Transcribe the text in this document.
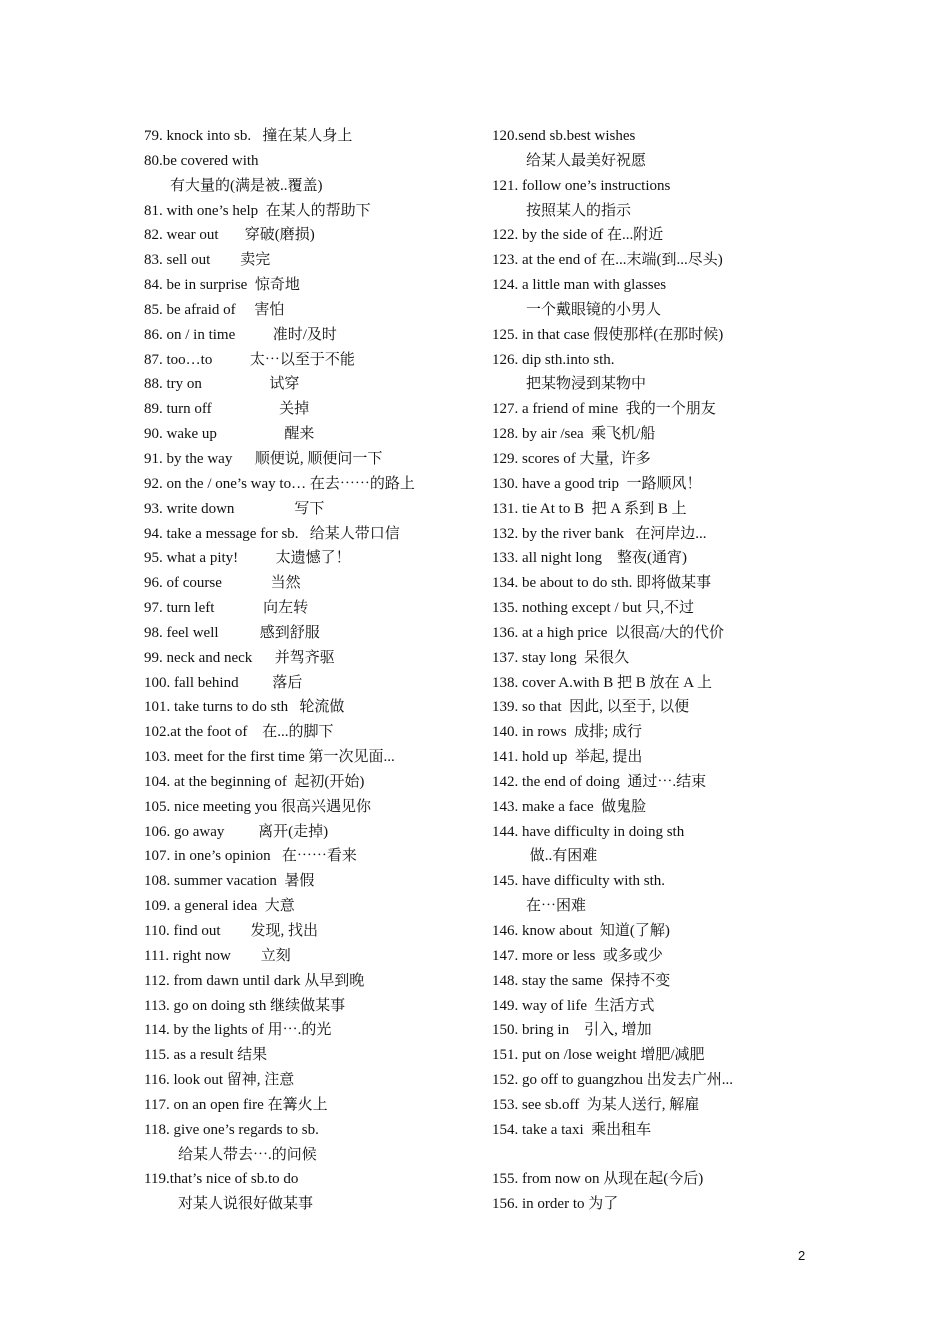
79. knock into sb.   撞在某人身上
80.be covered with
有大量的(满是被..覆盖)
81. with one’s help  在某人的帮助下
82. wear out       穿破(磨损)
83. sell out        卖完
84. be in surprise  惊奇地
85. be afraid of     害怕
86. on / in time          准时/及时
87. too…to          太⋯以至于不能
88. try on                  试穿
89. turn off                  关掉
90. wake up                  醒来
91. by the way      顺便说, 顺便问一下
92. on the / one’s way to… 在去⋯⋯的路上
93. write down                写下
94. take a message for sb.   给某人带口信
95. what a pity!          太遗憾了！
96. of course             当然
97. turn left             向左转
98. feel well           感到舒服
99. neck and neck      并驾齐驱
100. fall behind         落后
101. take turns to do sth   轮流做
102.at the foot of    在...的脚下
103. meet for the first time 第一次见面...
104. at the beginning of  起初(开始)
105. nice meeting you 很高兴遇见你
106. go away         离开(走掉)
107. in one’s opinion   在⋯⋯看来
108. summer vacation  暑假
109. a general idea  大意
110. find out        发现, 找出
111. right now        立刻
112. from dawn until dark 从早到晚
113. go on doing sth 继续做某事
114. by the lights of 用⋯.的光
115. as a result 结果
116. look out 留神, 注意
117. on an open fire 在篝火上
118. give one’s regards to sb.
给某人带去⋯.的问候
119.that’s nice of sb.to do
对某人说很好做某事
120.send sb.best wishes
给某人最美好祝愿
121. follow one’s instructions
按照某人的指示
122. by the side of 在...附近
123. at the end of 在...末端(到...尽头)
124. a little man with glasses
一个戴眼镜的小男人
125. in that case 假使那样(在那时候)
126. dip sth.into sth.
把某物浸到某物中
127. a friend of mine  我的一个朋友
128. by air /sea  乘飞机/船
129. scores of 大量,  许多
130. have a good trip  一路顺风！
131. tie At to B  把 A 系到 B 上
132. by the river bank   在河岸边...
133. all night long    整夜(通宵)
134. be about to do sth. 即将做某事
135. nothing except / but 只,不过
136. at a high price  以很高/大的代价
137. stay long  呆很久
138. cover A.with B 把 B 放在 A 上
139. so that  因此, 以至于, 以便
140. in rows  成排; 成行
141. hold up  举起, 提出
142. the end of doing  通过⋯.结束
143. make a face  做鬼脸
144. have difficulty in doing sth
做..有困难
145. have difficulty with sth.
在⋯困难
146. know about  知道(了解)
147. more or less  或多或少
148. stay the same  保持不变
149. way of life  生活方式
150. bring in    引入, 增加
151. put on /lose weight 增肥/减肥
152. go off to guangzhou 出发去广州...
153. see sb.off  为某人送行, 解雇
154. take a taxi  乘出租车
155. from now on 从现在起(今后)
156. in order to 为了
2
